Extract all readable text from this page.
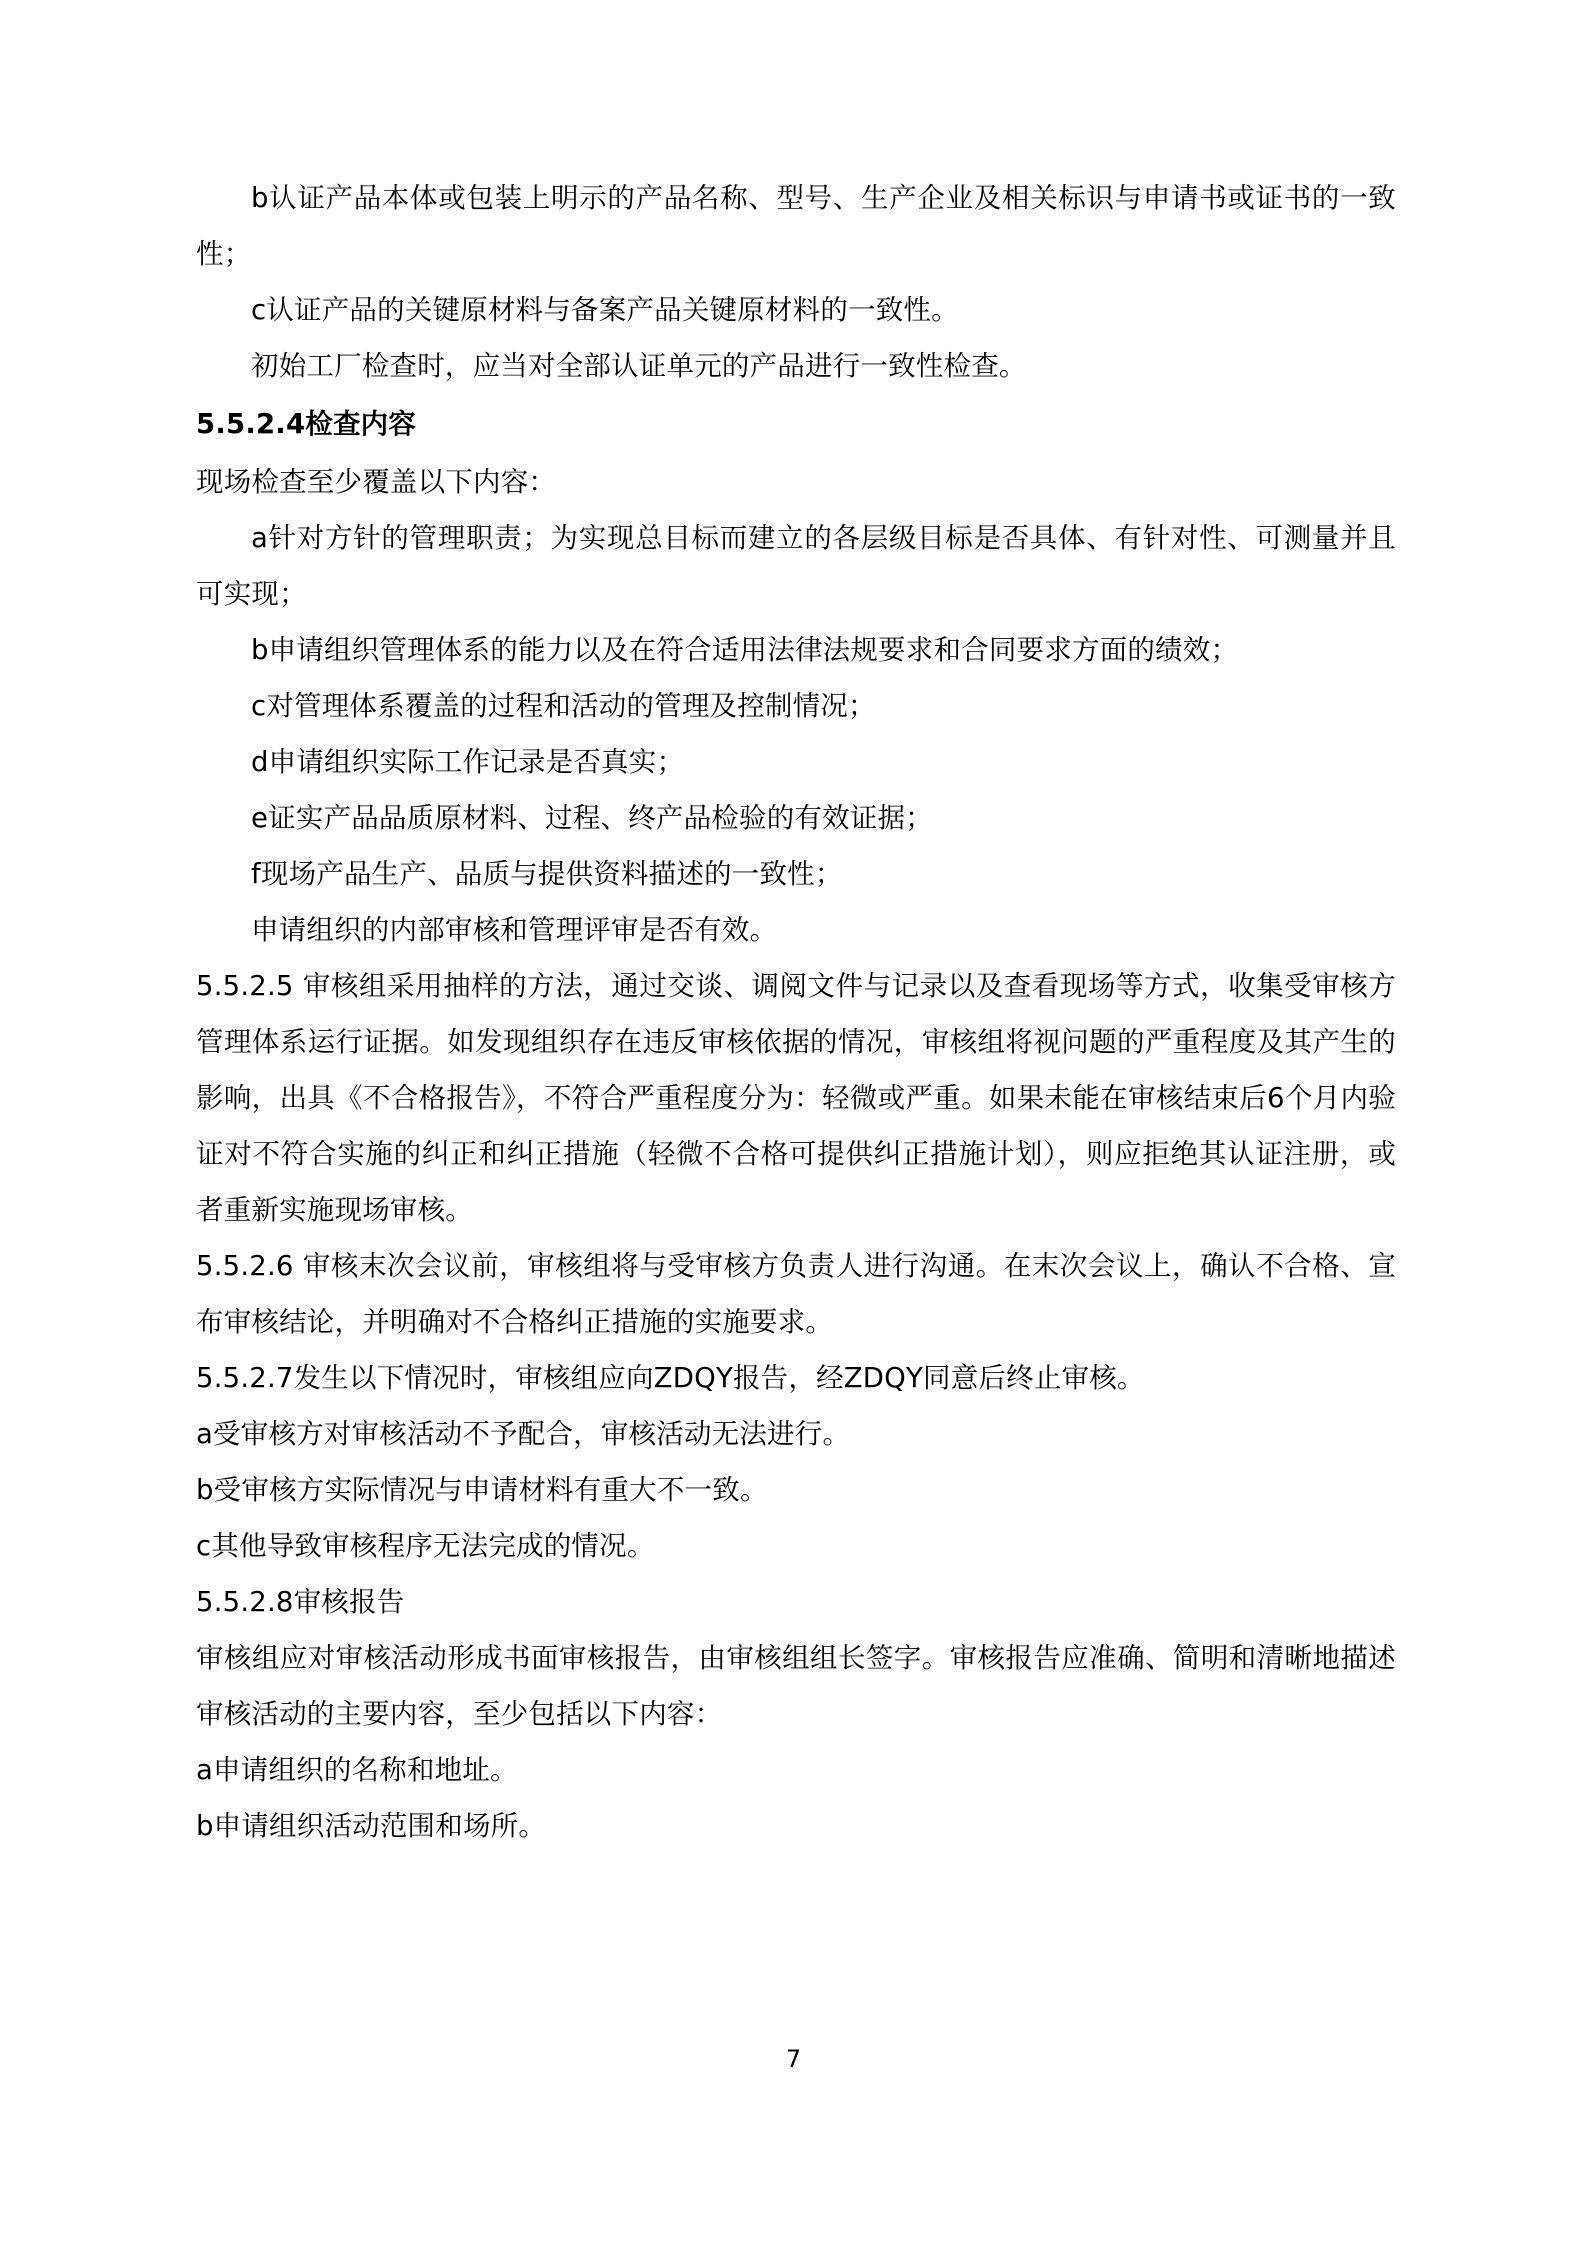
b认证产品本体或包装上明示的产品名称、型号、生产企业及相关标识与申请书或证书的一致性；

c认证产品的关键原材料与备案产品关键原材料的一致性。

初始工厂检查时，应当对全部认证单元的产品进行一致性检查。

5.5.2.4检查内容

现场检查至少覆盖以下内容：

a针对方针的管理职责；为实现总目标而建立的各层级目标是否具体、有针对性、可测量并且可实现；

b申请组织管理体系的能力以及在符合适用法律法规要求和合同要求方面的绩效；

c对管理体系覆盖的过程和活动的管理及控制情况；

d申请组织实际工作记录是否真实；

e证实产品品质原材料、过程、终产品检验的有效证据；

f现场产品生产、品质与提供资料描述的一致性；

申请组织的内部审核和管理评审是否有效。

5.5.2.5 审核组采用抽样的方法，通过交谈、调阅文件与记录以及查看现场等方式，收集受审核方管理体系运行证据。如发现组织存在违反审核依据的情况，审核组将视问题的严重程度及其产生的影响，出具《不合格报告》，不符合严重程度分为：轻微或严重。如果未能在审核结束后6个月内验证对不符合实施的纠正和纠正措施（轻微不合格可提供纠正措施计划），则应拒绝其认证注册，或者重新实施现场审核。

5.5.2.6 审核末次会议前，审核组将与受审核方负责人进行沟通。在末次会议上，确认不合格、宣布审核结论，并明确对不合格纠正措施的实施要求。

5.5.2.7发生以下情况时，审核组应向ZDQY报告，经ZDQY同意后终止审核。

a受审核方对审核活动不予配合，审核活动无法进行。

b受审核方实际情况与申请材料有重大不一致。

c其他导致审核程序无法完成的情况。

5.5.2.8审核报告

审核组应对审核活动形成书面审核报告，由审核组组长签字。审核报告应准确、简明和清晰地描述审核活动的主要内容，至少包括以下内容：

a申请组织的名称和地址。

b申请组织活动范围和场所。

7
